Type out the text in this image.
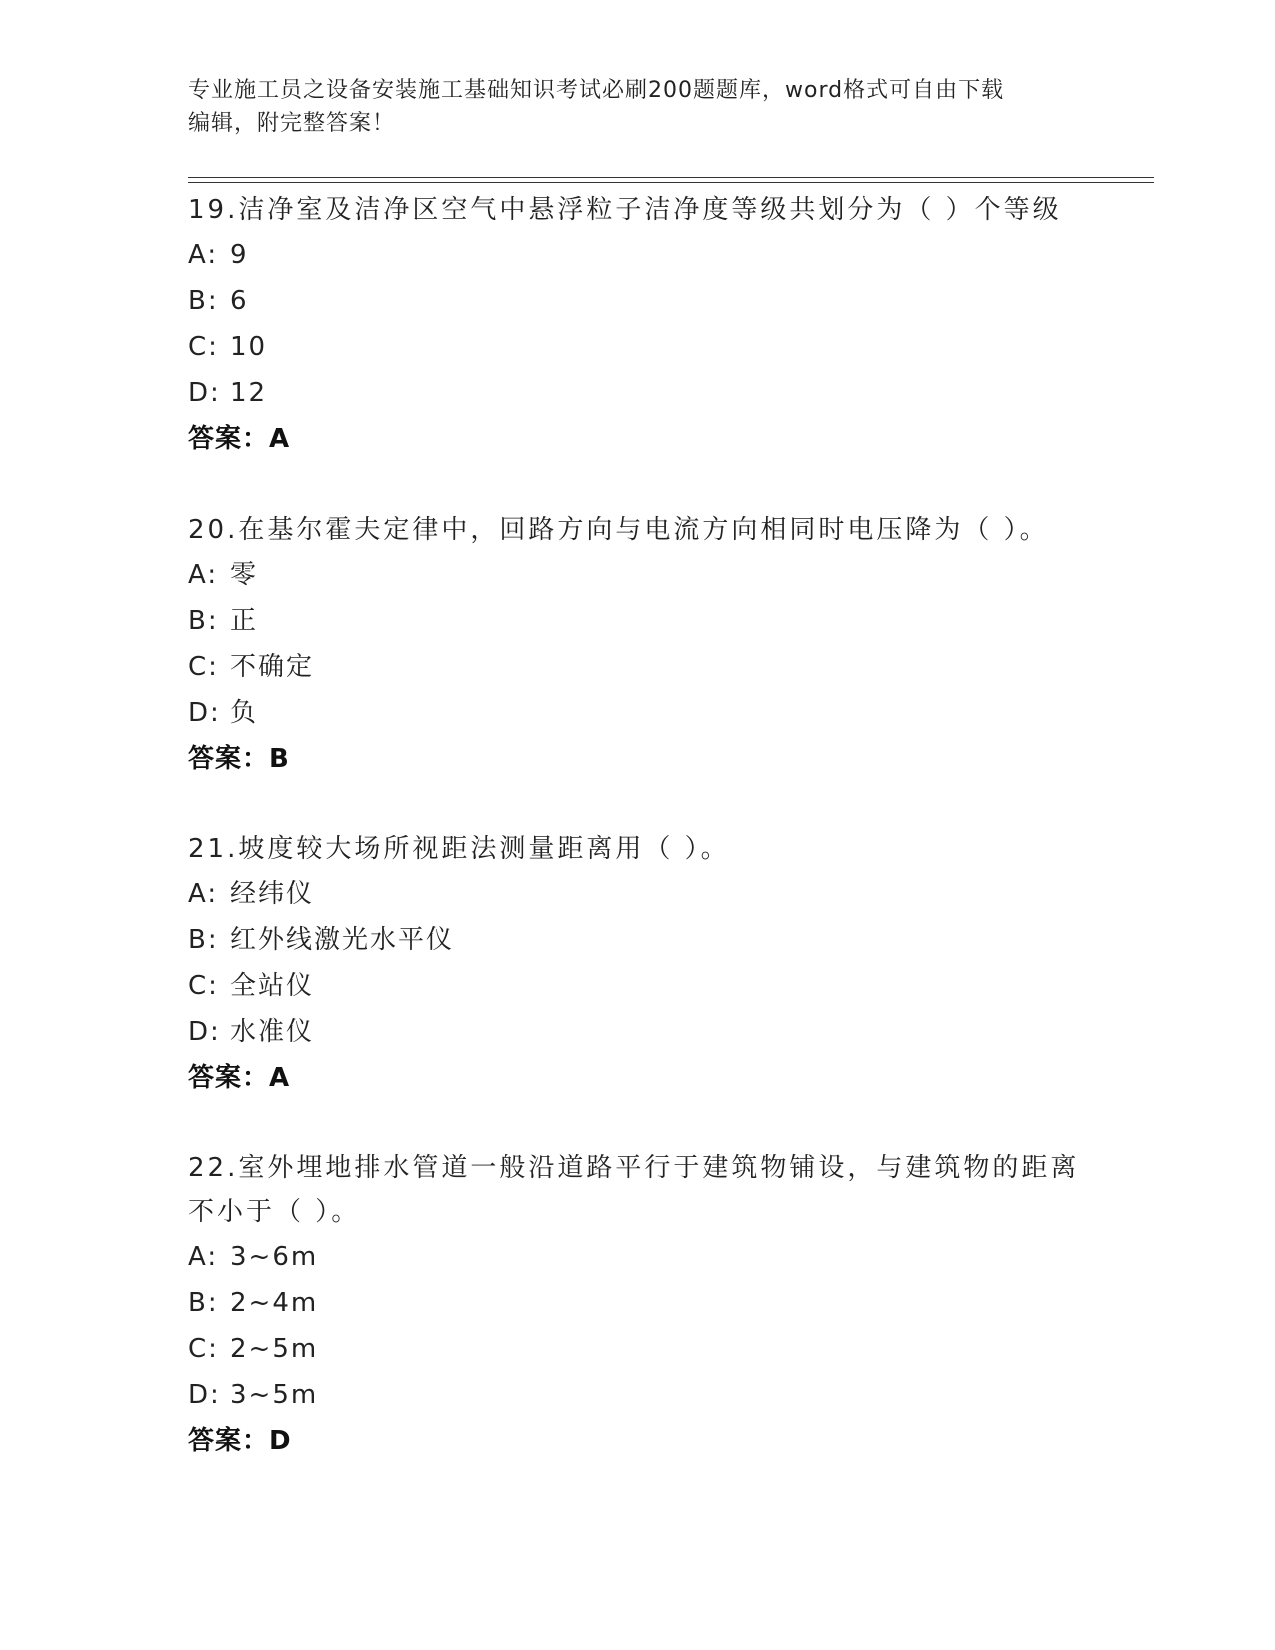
专业施工员之设备安装施工基础知识考试必刷200题题库，word格式可自由下载
编辑，附完整答案！
19.洁净室及洁净区空气中悬浮粒子洁净度等级共划分为（ ）个等级
A: 9
B: 6
C: 10
D: 12
答案：A
20.在基尔霍夫定律中，回路方向与电流方向相同时电压降为（ ）。
A: 零
B: 正
C: 不确定
D: 负
答案：B
21.坡度较大场所视距法测量距离用（ ）。
A: 经纬仪
B: 红外线激光水平仪
C: 全站仪
D: 水准仪
答案：A
22.室外埋地排水管道一般沿道路平行于建筑物铺设，与建筑物的距离不小于（ ）。
A: 3~6m
B: 2~4m
C: 2~5m
D: 3~5m
答案：D
